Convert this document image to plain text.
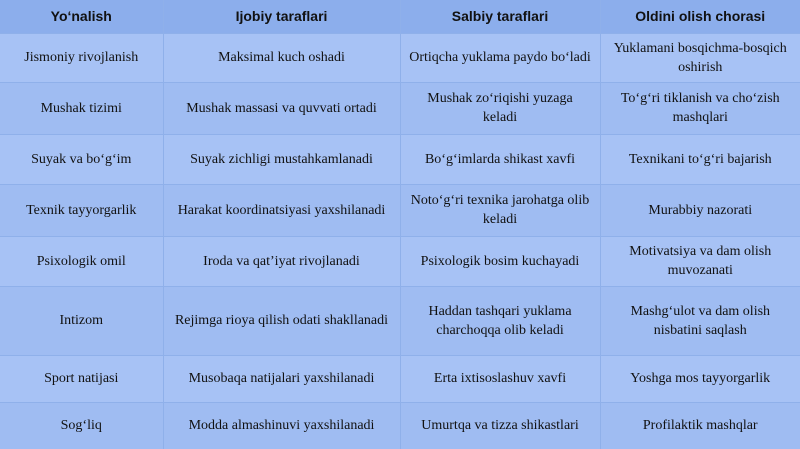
Yo‘nalish	Ijobiy taraflari	Salbiy taraflari	Oldini olish chorasi
Jismoniy rivojlanish	Maksimal kuch oshadi	Ortiqcha yuklama paydo bo‘ladi	Yuklamani bosqichma-bosqich oshirish
Mushak tizimi	Mushak massasi va quvvati ortadi	Mushak zo‘riqishi yuzaga keladi	To‘g‘ri tiklanish va cho‘zish mashqlari
Suyak va bo‘g‘im	Suyak zichligi mustahkamlanadi	Bo‘g‘imlarda shikast xavfi	Texnikani to‘g‘ri bajarish
Texnik tayyorgarlik	Harakat koordinatsiyasi yaxshilanadi	Noto‘g‘ri texnika jarohatga olib keladi	Murabbiy nazorati
Psixologik omil	Iroda va qat’iyat rivojlanadi	Psixologik bosim kuchayadi	Motivatsiya va dam olish muvozanati
Intizom	Rejimga rioya qilish odati shakllanadi	Haddan tashqari yuklama charchoqqa olib keladi	Mashg‘ulot va dam olish nisbatini saqlash
Sport natijasi	Musobaqa natijalari yaxshilanadi	Erta ixtisoslashuv xavfi	Yoshga mos tayyorgarlik
Sog‘liq	Modda almashinuvi yaxshilanadi	Umurtqa va tizza shikastlari	Profilaktik mashqlar
